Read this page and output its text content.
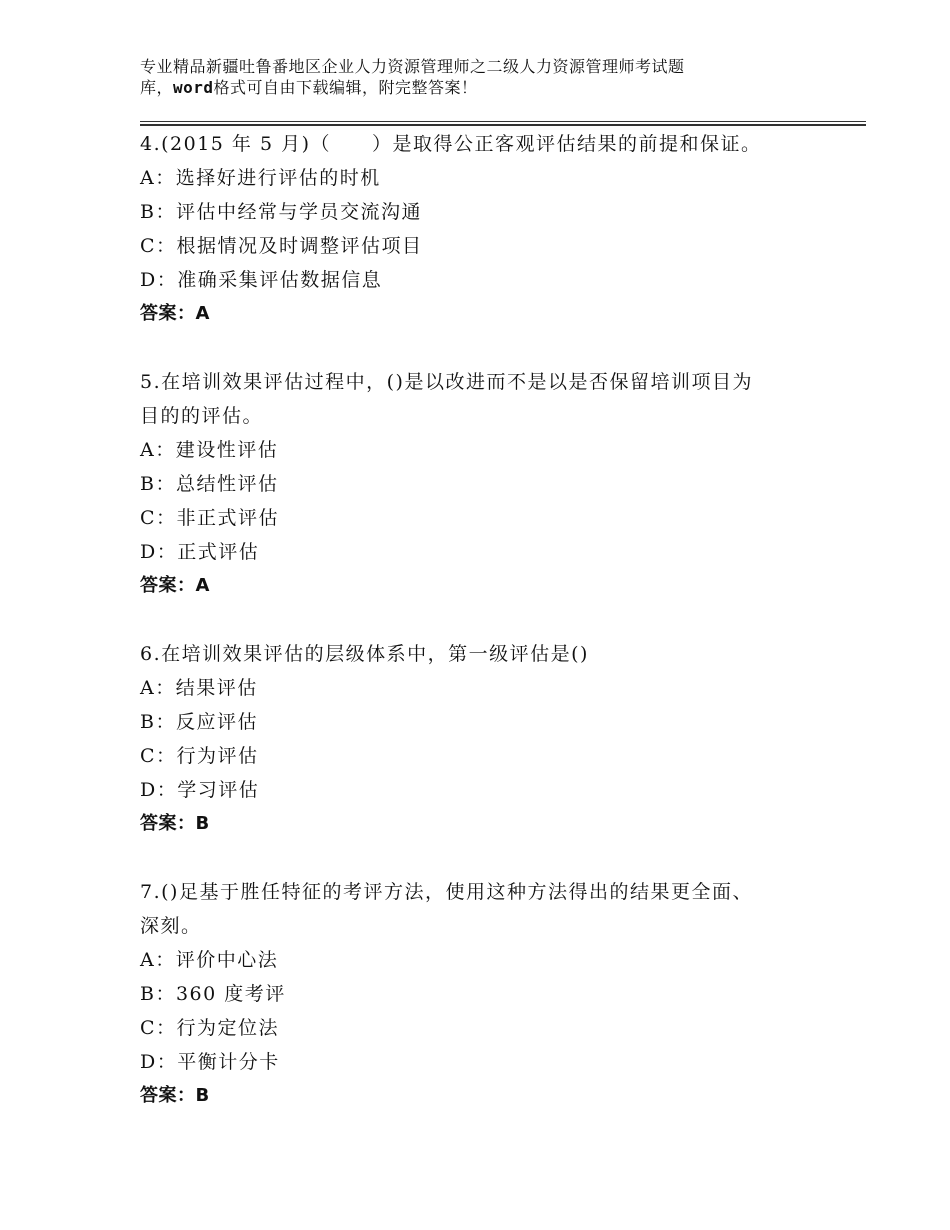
专业精品新疆吐鲁番地区企业人力资源管理师之二级人力资源管理师考试题
库，word格式可自由下载编辑，附完整答案！
4.(2015 年 5 月)（　　）是取得公正客观评估结果的前提和保证。
A：选择好进行评估的时机
B：评估中经常与学员交流沟通
C：根据情况及时调整评估项目
D：准确采集评估数据信息
答案：A
5.在培训效果评估过程中，()是以改进而不是以是否保留培训项目为
目的的评估。
A：建设性评估
B：总结性评估
C：非正式评估
D：正式评估
答案：A
6.在培训效果评估的层级体系中，第一级评估是()
A：结果评估
B：反应评估
C：行为评估
D：学习评估
答案：B
7.()足基于胜任特征的考评方法，使用这种方法得出的结果更全面、
深刻。
A：评价中心法
B：360 度考评
C：行为定位法
D：平衡计分卡
答案：B
